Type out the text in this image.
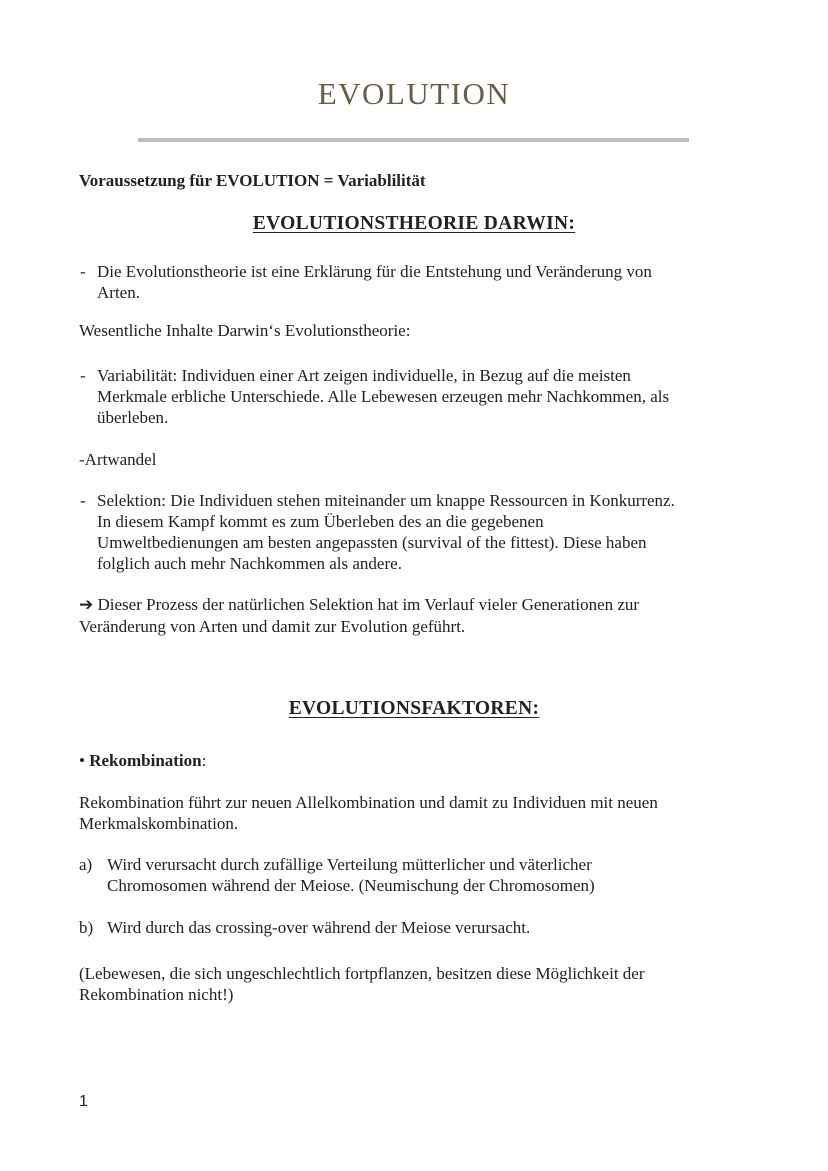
EVOLUTION
Voraussetzung für EVOLUTION = Variablilität
EVOLUTIONSTHEORIE DARWIN:
- Die Evolutionstheorie ist eine Erklärung für die Entstehung und Veränderung von
Arten.
Wesentliche Inhalte Darwin‘s Evolutionstheorie:
- Variabilität: Individuen einer Art zeigen individuelle, in Bezug auf die meisten
Merkmale erbliche Unterschiede. Alle Lebewesen erzeugen mehr Nachkommen, als
überleben.
-Artwandel
- Selektion: Die Individuen stehen miteinander um knappe Ressourcen in Konkurrenz.
In diesem Kampf kommt es zum Überleben des an die gegebenen
Umweltbedienungen am besten angepassten (survival of the fittest). Diese haben
folglich auch mehr Nachkommen als andere.
➔ Dieser Prozess der natürlichen Selektion hat im Verlauf vieler Generationen zur
Veränderung von Arten und damit zur Evolution geführt.
EVOLUTIONSFAKTOREN:
• Rekombination:
Rekombination führt zur neuen Allelkombination und damit zu Individuen mit neuen
Merkmalskombination.
a) Wird verursacht durch zufällige Verteilung mütterlicher und väterlicher
Chromosomen während der Meiose. (Neumischung der Chromosomen)
b) Wird durch das crossing-over während der Meiose verursacht.
(Lebewesen, die sich ungeschlechtlich fortpflanzen, besitzen diese Möglichkeit der
Rekombination nicht!)
1
